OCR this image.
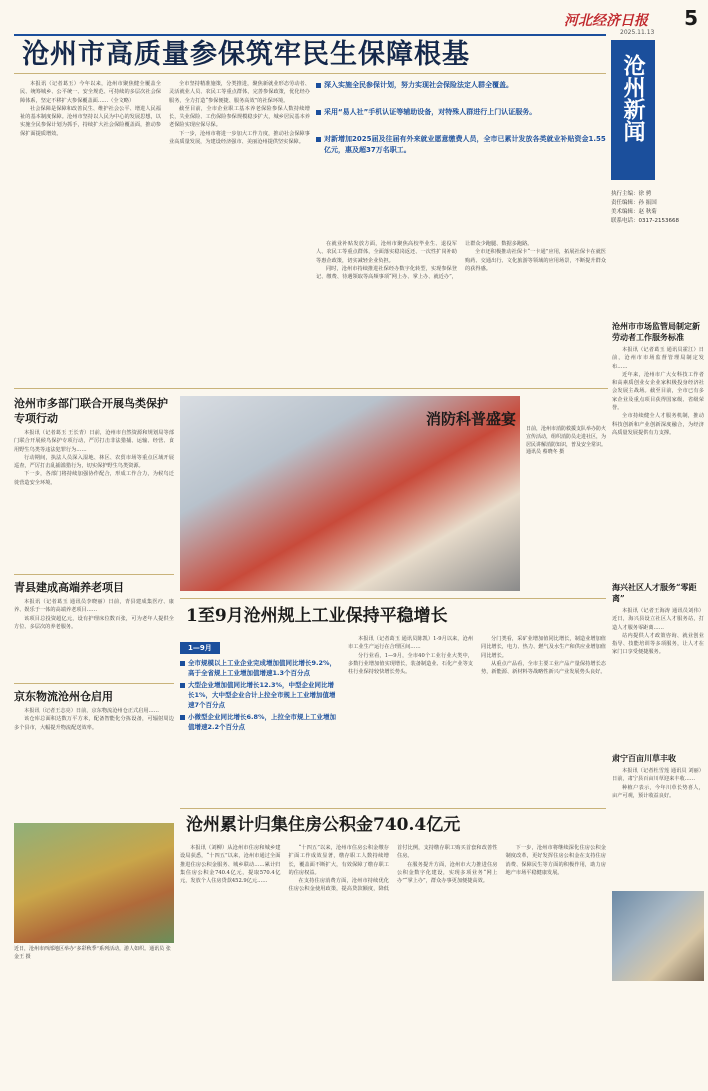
河北经济日报 5
2025.11.13
沧州市高质量参保筑牢民生保障根基	沧州新闻
执行主编：徐 骋
责任编辑：孙 振国
美术编辑：赵 秋菊
联系电话：0317-2153668

本报讯（记者葛玉）今年以来，沧州市聚焦健全覆盖全民、统筹城乡、公平统一、安全规范、可持续的多层次社会保障体系，坚定不移扩大参保覆盖面……（全文略）

社会保障是保障和改善民生、维护社会公平、增进人民福祉的基本制度保障。沧州市坚持以人民为中心的发展思想，以实施全民参保计划为抓手，持续扩大社会保险覆盖面，推动参保扩面提质增效。

全市坚持精准施策，分类推进，聚焦新就业形态劳动者、灵活就业人员、农民工等重点群体，完善参保政策，优化经办服务，全力打造“参保便捷、服务高效”的社保环境。

截至目前，全市企业职工基本养老保险参保人数持续增长，失业保险、工伤保险参保规模稳步扩大，城乡居民基本养老保险实现应保尽保。

下一步，沧州市将进一步加大工作力度，推动社会保障事业高质量发展，为建设经济强市、美丽沧州提供坚实保障。

深入实施全民参保计划，努力实现社会保险法定人群全覆盖。
采用“易人社”手机认证等辅助设备，对特殊人群进行上门认证服务。
对新增加2025届及往届有外来就业愿意缴费人员，全市已累计发放各类就业补贴资金1.55亿元，惠及超37万名职工。

在就业补贴发放方面，沧州市聚焦高校毕业生、退役军人、农民工等重点群体，全面落实稳岗返还、一次性扩岗补助等惠企政策，切实减轻企业负担。

同时，沧州市持续推进社保经办数字化转型，实现参保登记、缴费、待遇领取等高频事项“网上办、掌上办、就近办”，让群众少跑腿、数据多跑路。

全市还积极推动社保卡“一卡通”应用，拓展社保卡在就医购药、交通出行、文化旅游等领域的应用场景，不断提升群众的获得感。

沧州市市场监管局制定新劳动者工作服务标准

本报讯（记者葛玉 通讯员霍江）日前，沧州市市场监督管理局制定发布……

近年来，沧州市广大女科技工作者和高素质创业女企业家积极投身经济社会发展主战场。截至目前，全市已有多家企业及重点项目获得国家级、省级荣誉。

全市持续健全人才服务机制，推动科技创新和产业创新深度融合，为经济高质量发展提供有力支撑。

海兴社区人才服务“零距离”

本报讯（记者王海涛 通讯员刘伟）近日，海兴县设立社区人才服务站，打造人才服务零距离……

站内提供人才政策咨询、就业创业指导、技能培训等多项服务，让人才在家门口享受便捷服务。

肃宁百亩川草丰收

本报讯（记者杜雪莲 通讯员 刘丽）日前，肃宁县百亩川草迎来丰收……

种植户表示，今年川草长势喜人，亩产可观，预计收益良好。

沧州市多部门联合开展鸟类保护专项行动

本报讯（记者葛玉 王长青）日前，沧州市自然资源和规划局等部门联合开展候鸟保护专项行动，严厉打击非法猎捕、运输、经营、食用野生鸟类等违法犯罪行为……

行动期间，执法人员深入湿地、林区、农贸市场等重点区域开展巡查，严厉打击乱捕滥猎行为，切实保护野生鸟类资源。

下一步，各部门将持续加强协作配合，形成工作合力，为候鸟迁徙营造安全环境。

青县建成高端养老项目

本报讯（记者葛玉 通讯员李晓丽）日前，青县建成集医疗、康养、娱乐于一体的高端养老项目……

该项目总投资超亿元，设有护理床位数百张，可为老年人提供全方位、多层次的养老服务。

京东物流沧州仓启用

本报讯（记者王志亮）日前，京东物流沧州仓正式启用……

该仓库总面积达数万平方米，配备智能化分拣设备，可辐射周边多个县市，大幅提升物流配送效率。

近日，沧州市西部地区举办“多彩秋季”系列活动，游人如织。通讯员 张金王 摄
消防科普盛宴
日前，沧州市消防救援支队举办防火宣传活动，组织消防员走进社区，为居民讲解消防知识，普及安全常识。通讯员 蔡晓冬 摄
1至9月沧州规上工业保持平稳增长
1—9月
全市规模以上工业企业完成增加值同比增长9.2%，高于全省规上工业增加值增速1.3个百分点
大型企业增加值同比增长12.3%，中型企业同比增长1%，大中型企业合计上拉全市规上工业增加值增速7个百分点
小微型企业同比增长6.8%，上拉全市规上工业增加值增速2.2个百分点

本报讯（记者葛玉 通讯员陈凯）1-9月以来，沧州市工业生产运行在合理区间……

分行业看，1—9月，全市40个工业行业大类中，多数行业增加值实现增长，装备制造业、石化产业等支柱行业保持较快增长势头。

分门类看，采矿业增加值同比增长，制造业增加值同比增长，电力、热力、燃气及水生产和供应业增加值同比增长。

从重点产品看，全市主要工业产品产量保持增长态势，新能源、新材料等战略性新兴产业发展势头良好。

沧州累计归集住房公积金740.4亿元

本报讯（刘柳）从沧州市住房和城乡建设局获悉，“十四五”以来，沧州市通过全面推进住房公积金服务、城乡联动……累计归集住房公积金740.4亿元，提取570.4亿元，发放个人住房贷款452.9亿元……

“十四五”以来，沧州市住房公积金缴存扩面工作成效显著，缴存职工人数持续增长，覆盖面不断扩大，有效保障了缴存职工的住房权益。

在支持住房消费方面，沧州市持续优化住房公积金使用政策，提高贷款额度，降低首付比例，支持缴存职工购买首套和改善性住房。

在服务提升方面，沧州市大力推进住房公积金数字化建设，实现多项业务“网上办”“掌上办”，群众办事更加便捷高效。

下一步，沧州市将继续深化住房公积金制度改革，更好发挥住房公积金在支持住房消费、保障民生等方面的积极作用，助力房地产市场平稳健康发展。
